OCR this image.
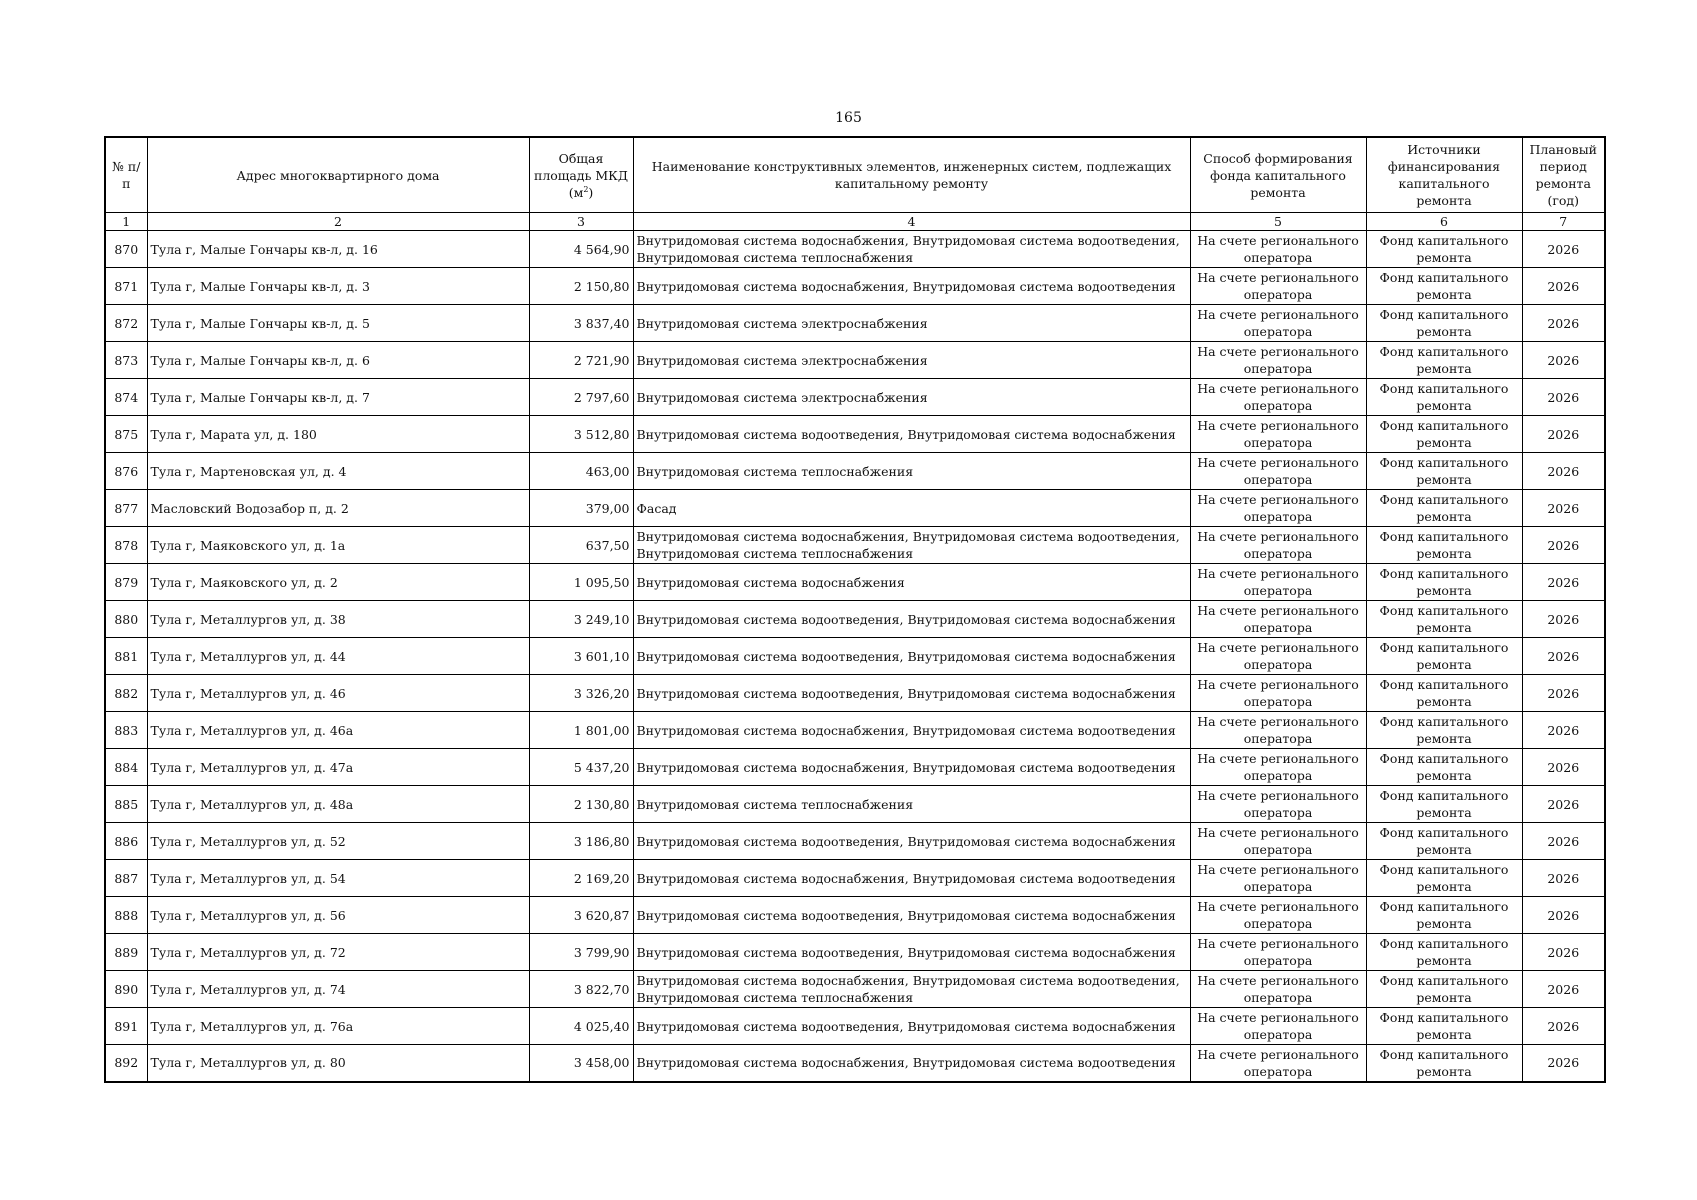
165
№ п/п	Адрес многоквартирного дома	Общая площадь МКД $(м^2)$	Наименование конструктивных элементов, инженерных систем, подлежащих капитальному ремонту	Способ формирования фонда капитального ремонта	Источники финансирования капитального ремонта	Плановый период ремонта (год)
1	2	3	4	5	6	7
870	Тула г, Малые Гончары кв-л, д. 16	4 564,90	Внутридомовая система водоснабжения, Внутридомовая система водоотведения, Внутридомовая система теплоснабжения	На счете регионального оператора	Фонд капитального ремонта	2026
871	Тула г, Малые Гончары кв-л, д. 3	2 150,80	Внутридомовая система водоснабжения, Внутридомовая система водоотведения	На счете регионального оператора	Фонд капитального ремонта	2026
872	Тула г, Малые Гончары кв-л, д. 5	3 837,40	Внутридомовая система электроснабжения	На счете регионального оператора	Фонд капитального ремонта	2026
873	Тула г, Малые Гончары кв-л, д. 6	2 721,90	Внутридомовая система электроснабжения	На счете регионального оператора	Фонд капитального ремонта	2026
874	Тула г, Малые Гончары кв-л, д. 7	2 797,60	Внутридомовая система электроснабжения	На счете регионального оператора	Фонд капитального ремонта	2026
875	Тула г, Марата ул, д. 180	3 512,80	Внутридомовая система водоотведения, Внутридомовая система водоснабжения	На счете регионального оператора	Фонд капитального ремонта	2026
876	Тула г, Мартеновская ул, д. 4	463,00	Внутридомовая система теплоснабжения	На счете регионального оператора	Фонд капитального ремонта	2026
877	Масловский Водозабор п, д. 2	379,00	Фасад	На счете регионального оператора	Фонд капитального ремонта	2026
878	Тула г, Маяковского ул, д. 1а	637,50	Внутридомовая система водоснабжения, Внутридомовая система водоотведения, Внутридомовая система теплоснабжения	На счете регионального оператора	Фонд капитального ремонта	2026
879	Тула г, Маяковского ул, д. 2	1 095,50	Внутридомовая система водоснабжения	На счете регионального оператора	Фонд капитального ремонта	2026
880	Тула г, Металлургов ул, д. 38	3 249,10	Внутридомовая система водоотведения, Внутридомовая система водоснабжения	На счете регионального оператора	Фонд капитального ремонта	2026
881	Тула г, Металлургов ул, д. 44	3 601,10	Внутридомовая система водоотведения, Внутридомовая система водоснабжения	На счете регионального оператора	Фонд капитального ремонта	2026
882	Тула г, Металлургов ул, д. 46	3 326,20	Внутридомовая система водоотведения, Внутридомовая система водоснабжения	На счете регионального оператора	Фонд капитального ремонта	2026
883	Тула г, Металлургов ул, д. 46а	1 801,00	Внутридомовая система водоснабжения, Внутридомовая система водоотведения	На счете регионального оператора	Фонд капитального ремонта	2026
884	Тула г, Металлургов ул, д. 47а	5 437,20	Внутридомовая система водоснабжения, Внутридомовая система водоотведения	На счете регионального оператора	Фонд капитального ремонта	2026
885	Тула г, Металлургов ул, д. 48а	2 130,80	Внутридомовая система теплоснабжения	На счете регионального оператора	Фонд капитального ремонта	2026
886	Тула г, Металлургов ул, д. 52	3 186,80	Внутридомовая система водоотведения, Внутридомовая система водоснабжения	На счете регионального оператора	Фонд капитального ремонта	2026
887	Тула г, Металлургов ул, д. 54	2 169,20	Внутридомовая система водоснабжения, Внутридомовая система водоотведения	На счете регионального оператора	Фонд капитального ремонта	2026
888	Тула г, Металлургов ул, д. 56	3 620,87	Внутридомовая система водоотведения, Внутридомовая система водоснабжения	На счете регионального оператора	Фонд капитального ремонта	2026
889	Тула г, Металлургов ул, д. 72	3 799,90	Внутридомовая система водоотведения, Внутридомовая система водоснабжения	На счете регионального оператора	Фонд капитального ремонта	2026
890	Тула г, Металлургов ул, д. 74	3 822,70	Внутридомовая система водоснабжения, Внутридомовая система водоотведения, Внутридомовая система теплоснабжения	На счете регионального оператора	Фонд капитального ремонта	2026
891	Тула г, Металлургов ул, д. 76а	4 025,40	Внутридомовая система водоотведения, Внутридомовая система водоснабжения	На счете регионального оператора	Фонд капитального ремонта	2026
892	Тула г, Металлургов ул, д. 80	3 458,00	Внутридомовая система водоснабжения, Внутридомовая система водоотведения	На счете регионального оператора	Фонд капитального ремонта	2026
